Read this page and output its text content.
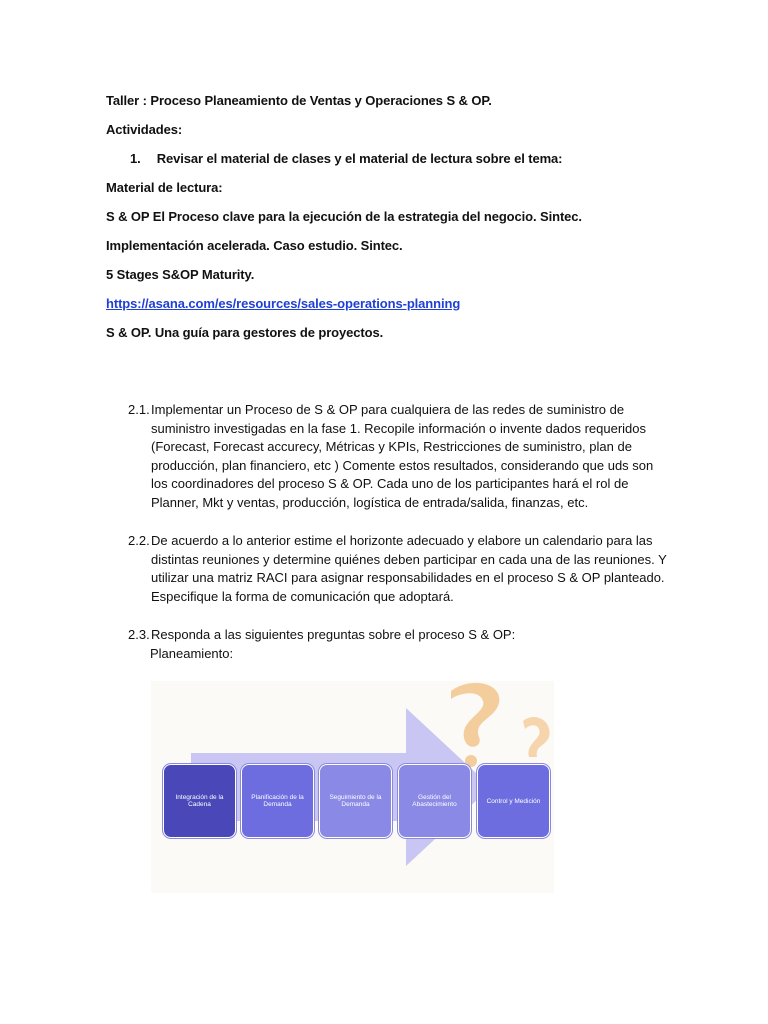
Taller : Proceso Planeamiento de Ventas y Operaciones S & OP.
Actividades:
1. Revisar el material de clases y el material de lectura sobre el tema:
Material de lectura:
S & OP El Proceso clave para la ejecución de la estrategia del negocio. Sintec.
Implementación acelerada. Caso estudio. Sintec.
5 Stages S&OP Maturity.
https://asana.com/es/resources/sales-operations-planning
S & OP. Una guía para gestores de proyectos.
2.1. Implementar un Proceso de S & OP para cualquiera de las redes de suministro de suministro investigadas en la fase 1. Recopile información o invente dados requeridos (Forecast, Forecast accurecy, Métricas y KPIs, Restricciones de suministro, plan de producción, plan financiero, etc ) Comente estos resultados, considerando que uds son los coordinadores del proceso S & OP. Cada uno de los participantes hará el rol de Planner, Mkt y ventas, producción, logística de entrada/salida, finanzas, etc.
2.2. De acuerdo a lo anterior estime el horizonte adecuado y elabore un calendario para las distintas reuniones y determine quiénes deben participar en cada una de las reuniones. Y utilizar una matriz RACI para asignar responsabilidades en el proceso S & OP planteado. Especifique la forma de comunicación que adoptará.
2.3. Responda a las siguientes preguntas sobre el proceso S & OP:
Planeamiento:
Integración de la Cadena
Planificación de la Demanda
Seguimiento de la Demanda
Gestión del Abastecimiento	Control y Medición
